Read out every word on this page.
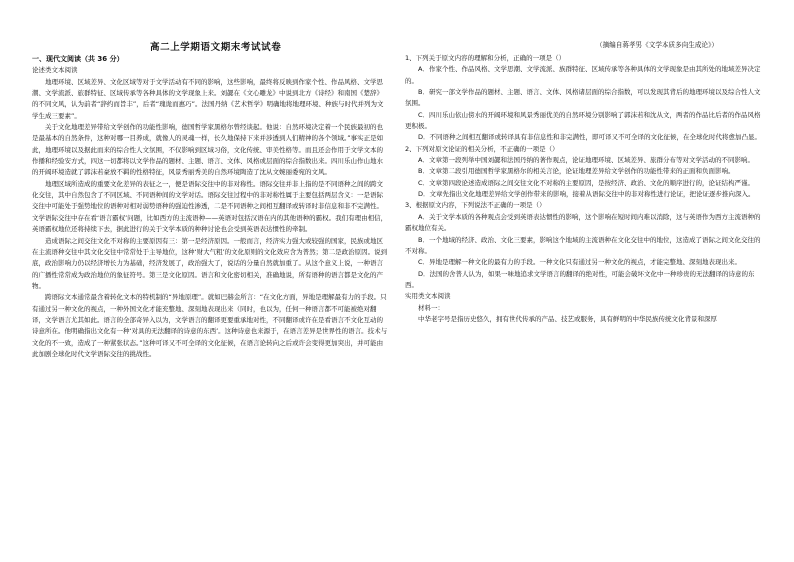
高二上学期语文期末考试试卷	（摘编自蒋孝男《文学本质多向生成论》）
一、现代文阅读（共 36 分）
论述类文本阅读

地理环境、区域差异、文化区域等对于文学活动有不同的影响，这些影响，最终将反映到作家个性、作品风格、文学思潮、文学流派、旅群特征、区域传承等各种具体的文学现象上来。刘勰在《文心雕龙》中说到北方《诗经》和南国《楚辞》的不同文风，认为前者“辞约而旨丰”，后者“瑰诡而惠巧”。法国丹纳《艺术哲学》明确地将地理环境、种族与时代并列为文学生成三要素”。

关于文化地理差异带给文学创作的功能性影响，德国哲学家黑格尔曾经谈起。他说：自然环境决定着一个民族最初的也是最基本的自然条件，这种对哪一目养成，就像人的灵魂一样，长久地保持下来并涉透到人们精神的各个领域。”事实正是如此，地理环境以及据此而来的综合性人文氛围，不仅影响到区域习俗，文化传统、审美性格等。而且还会作用于文学文本的作播和经验安方式，四这一切都将以文学作品的题材、主题、语言、文体、风格或层面的综合指数出来。四川乐山作山地水的开阔环境造就了郭沫若豪放不羁的性格特征，风景秀丽秀美的自然环境陶造了沈从文婉丽委宛的文风。

地理区域所造成的重要文化差异的表征之一，便是语际交往中的非对称性。语际交往并非上指的是不同语种之间的跨文化交往，其中自然包含了不同区域、不同语种间的文学对话。语际交往过程中的非对称性属于主要包括两层含义：一是语际交往中可能处于强势地位的语种对相对弱势语种的强迫性渗透，二是不同语种之间相互翻译或转译时非信息和非不完满性。文学语际交往中存在看‘语言霸权’问题，比如西方的主流语种——英语对包括汉语在内的其他语种的霸权。我们有理由相信，英语霸权地位还将持续下去，据此进行的关于文学本质的种种讨论也会受到英语表达惯性的牵制。

造成语际之间交往文化不对称的主要原因有三：第一是经济原因。一般而言，经济实力强大或较强的国家，民族或地区在主流语种交往中其文化交往中常常处于主导地位，这种‘财大气粗’的文化原则的文化效应含为普然；第二是政治原因。说到底，政治影响力仍以经济增长力为基础，经济发展了，政治强大了，说话的分量自然就加重了。从这个意义上说，一种语言的广播性常常成为政治地位的象征符号。第三是文化原因。语言和文化密切相关，准确地说，所有语种的语言都是文化的产物。

跨语际文本通常最含着转化文本的特机制的“异地原理”。就如巴赫金所言：“在文化方面，异地是理解最有力的手段。只有通过另一种文化的视点，一种外国文化才能充整地、深刻地表现出来（同时，也以为，任何一种语言都不可能被绝对翻译，文学语言尤其如此。语言的全部奇异入以为，文学语言的翻译更要重承地对性，不同翻译或许在是看语言不文化互动的诗意所在。他明确指出文化有一种‘对具的无法翻译的诗意的东西’。这种诗意也来源于，在语言差异是世界性的语言。技术与文化的不一致，造成了一种紧张状态。”这种可译又不可全译的文化征候，在语言论转向之后或许会变得更加突出，并可能由此加剧全球化时代文学语际交往的挑战性。

1、下列关于原文内容的理解和分析，正确的一项是（）

A．作家个性、作品风格、文学思潮、文学流派、族群特征、区域传承等各种具体的文学现象是由其所处的地域差异决定的。

B．研究一部文学作品的题材、主题、语言、文体、风格诸层面的综合指数，可以发现其背后的地理环境以及综合性人文氛围。

C．四川乐山依山傍水的开阔环境和风景秀丽优美的自然环境分别影响了郭沫若和沈从文，两者的作品比后者的作品风格更积极。

D．不同语种之间相互翻译或转译具有非信息性和非完满性，即可译又不可全译的文化征候，在全球化时代将愈加凸显。

2、下列对原文论证的相关分析，不正确的一项是（）

A．文章第一段列举中国刘勰和法国丹纳的著作观点，论证地理环境、区域差异、旅群分布等对文学活动的不同影响。

B．文章第二段引用德国哲学家黑格尔的相关言论，论证地理差异给文学创作的功能性带来的正面和负面影响。

C．文章第四段论述造成语际之间交往文化不对称的主要原因，是按经济、政治、文化的顺序进行的，论证结构严谨。

D．文章先指出文化地理差异给文学创作带来的影响，接着从语际交往中的非对称性进行论证，把论证逐步推向深入。

3、根据原文内容，下列说法不正确的一项是（）

A．关于文学本质的各种观点会受到英语表达惯性的影响，这个影响在短时间内难以消除，这与英语作为西方主流语种的霸权地位有关。

B．一个地域的经济、政治、文化三要素，影响这个地域的主流语种在文化交往中的地位，这造成了语际之间文化交往的不对称。

C．异地是理解一种文化的最有力的手段。一种文化只有通过另一种文化的视点，才能完整地、深刻地表现出来。

D．法国的舍普人认为，如果一味地追求文学语言的翻译的绝对性，可能会破坏文化中一种珍贵的无法翻译的诗意的东西。

实用类文本阅读

材料一：

中华老字号是指历史悠久，拥有世代传承的产品、技艺或服务，具有鲜明的中华民族传统文化背景和深厚
